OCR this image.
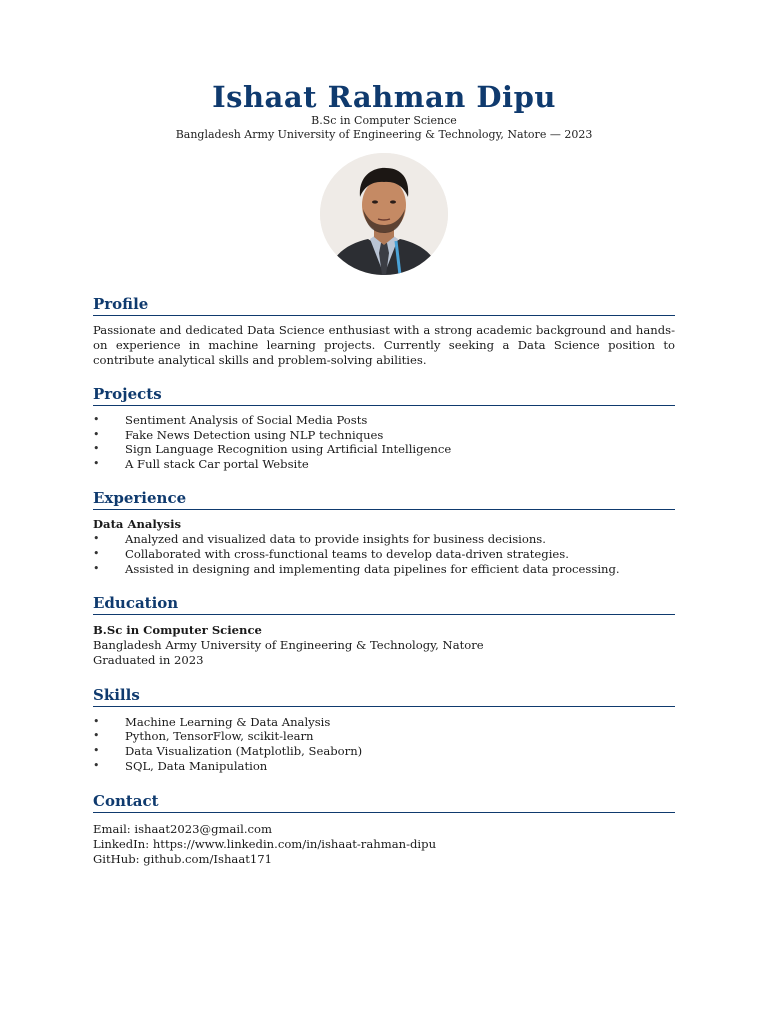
Ishaat Rahman Dipu

B.Sc in Computer Science

Bangladesh Army University of Engineering & Technology, Natore — 2023

Profile

Passionate and dedicated Data Science enthusiast with a strong academic background and hands-on experience in machine learning projects. Currently seeking a Data Science position to contribute analytical skills and problem-solving abilities.

Projects
• Sentiment Analysis of Social Media Posts
• Fake News Detection using NLP techniques
• Sign Language Recognition using Artificial Intelligence
• A Full stack Car portal Website
Experience

Data Analysis

• Analyzed and visualized data to provide insights for business decisions.
• Collaborated with cross-functional teams to develop data-driven strategies.
• Assisted in designing and implementing data pipelines for efficient data processing.
Education

B.Sc in Computer Science

Bangladesh Army University of Engineering & Technology, Natore

Graduated in 2023

Skills
• Machine Learning & Data Analysis
• Python, TensorFlow, scikit-learn
• Data Visualization (Matplotlib, Seaborn)
• SQL, Data Manipulation
Contact

Email: ishaat2023@gmail.com

LinkedIn: https://www.linkedin.com/in/ishaat-rahman-dipu

GitHub: github.com/Ishaat171
